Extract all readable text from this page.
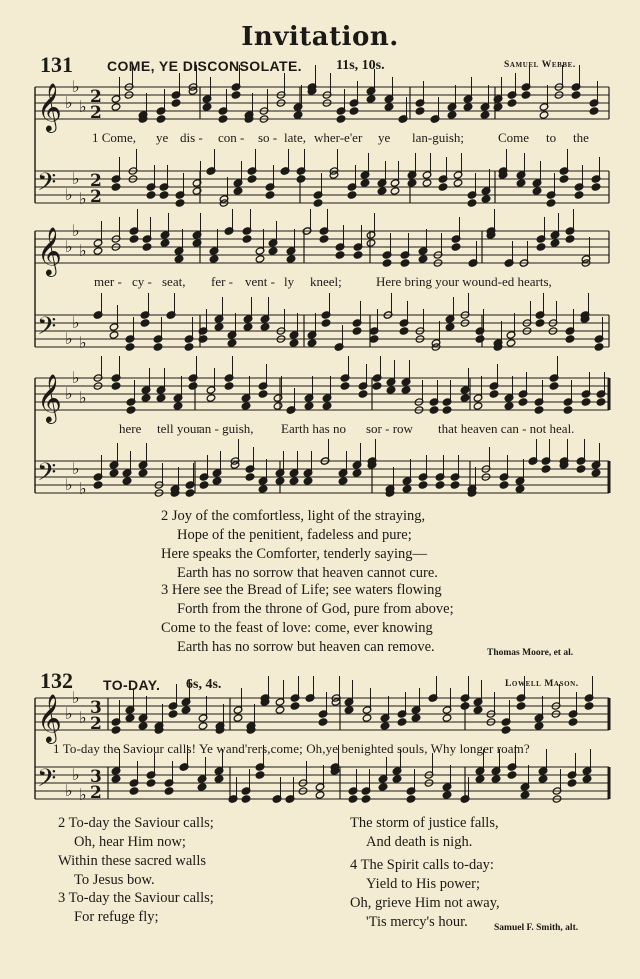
Invitation.
131 COME, YE DISCONSOLATE. 11s, 10s.	Samuel Webbe.
𝄞
𝄢
♭
♭
♭
♭
♭
♭
2
2
2
2
𝄞
𝄢
♭
♭
♭
♭
♭
♭
𝄞
𝄢
♭
♭
♭
♭
♭
♭
𝄞
𝄢
♭
♭
♭
♭
♭
♭
3
2
3
2
1 Come, ye dis - con - so - late, wher-e'er ye lan-guish;	Come to the
mer - cy - seat, fer - vent - ly kneel;	Here bring your wound-ed hearts,
here tell your
an - guish, Earth has no sor - row that heaven can - not heal.

2 Joy of the comfortless, light of the straying,

Hope of the penitient, fadeless and pure;

Here speaks the Comforter, tenderly saying—

Earth has no sorrow that heaven cannot cure.

3 Here see the Bread of Life; see waters flowing

Forth from the throne of God, pure from above;

Come to the feast of love: come, ever knowing

Earth has no sorrow but heaven can remove.	Thomas Moore, et al.
132 TO-DAY. 6s, 4s.	Lowell Mason.
1 To-day the Saviour calls! Ye wand'rers,come; Oh,ye benighted souls, Why longer roam?

2 To-day the Saviour calls;

Oh, hear Him now;

Within these sacred walls

To Jesus bow.

3 To-day the Saviour calls;

For refuge fly;

The storm of justice falls,

And death is nigh.

4 The Spirit calls to-day:

Yield to His power;

Oh, grieve Him not away,

'Tis mercy's hour.	Samuel F. Smith, alt.
